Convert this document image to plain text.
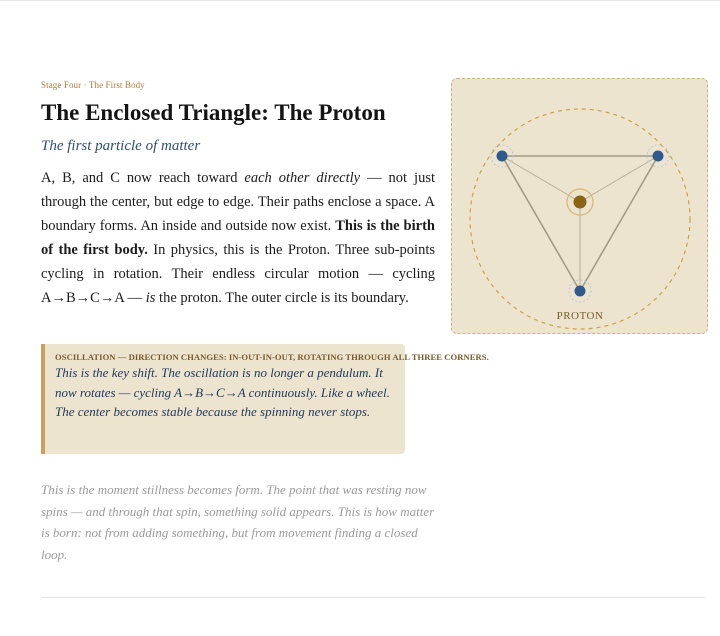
Stage Four · The First Body
The Enclosed Triangle: The Proton
The first particle of matter

A, B, and C now reach toward each other directly — not just through the center, but edge to edge. Their paths enclose a space. A boundary forms. An inside and outside now exist. This is the birth of the first body. In physics, this is the Proton. Three sub-points cycling in rotation. Their endless circular motion — cycling A→B→C→A — is the proton. The outer circle is its boundary.

PROTON
OSCILLATION — DIRECTION CHANGES: IN-OUT-IN-OUT, ROTATING THROUGH ALL THREE CORNERS.

This is the key shift. The oscillation is no longer a pendulum. It now rotates — cycling A→B→C→A continuously. Like a wheel. The center becomes stable because the spinning never stops.

This is the moment stillness becomes form. The point that was resting now spins — and through that spin, something solid appears. This is how matter is born: not from adding something, but from movement finding a closed loop.
